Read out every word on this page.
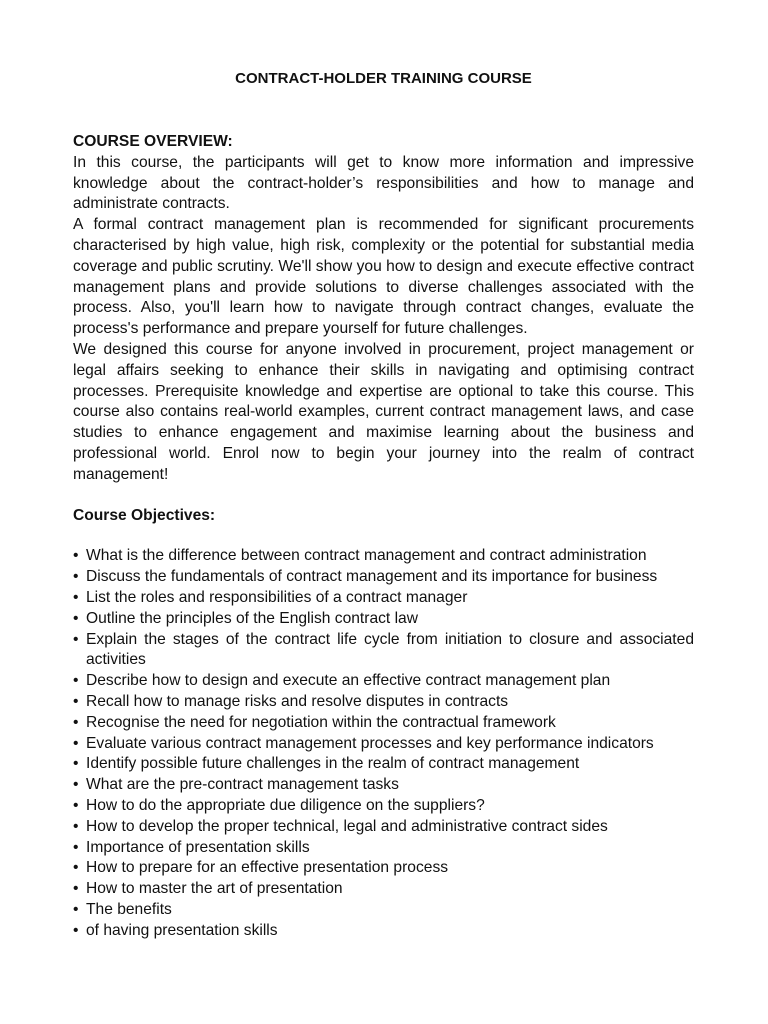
CONTRACT-HOLDER TRAINING COURSE
COURSE OVERVIEW:

In this course, the participants will get to know more information and impressive knowledge about the contract-holder’s responsibilities and how to manage and administrate contracts.

A formal contract management plan is recommended for significant procurements characterised by high value, high risk, complexity or the potential for substantial media coverage and public scrutiny. We'll show you how to design and execute effective contract management plans and provide solutions to diverse challenges associated with the process. Also, you'll learn how to navigate through contract changes, evaluate the process's performance and prepare yourself for future challenges.

We designed this course for anyone involved in procurement, project management or legal affairs seeking to enhance their skills in navigating and optimising contract processes. Prerequisite knowledge and expertise are optional to take this course. This course also contains real-world examples, current contract management laws, and case studies to enhance engagement and maximise learning about the business and professional world. Enrol now to begin your journey into the realm of contract management!

Course Objectives:
• What is the difference between contract management and contract administration
• Discuss the fundamentals of contract management and its importance for business
• List the roles and responsibilities of a contract manager
• Outline the principles of the English contract law
• Explain the stages of the contract life cycle from initiation to closure and associated activities
• Describe how to design and execute an effective contract management plan
• Recall how to manage risks and resolve disputes in contracts
• Recognise the need for negotiation within the contractual framework
• Evaluate various contract management processes and key performance indicators
• Identify possible future challenges in the realm of contract management
• What are the pre-contract management tasks
• How to do the appropriate due diligence on the suppliers?
• How to develop the proper technical, legal and administrative contract sides
• Importance of presentation skills
• How to prepare for an effective presentation process
• How to master the art of presentation
• The benefits
• of having presentation skills
